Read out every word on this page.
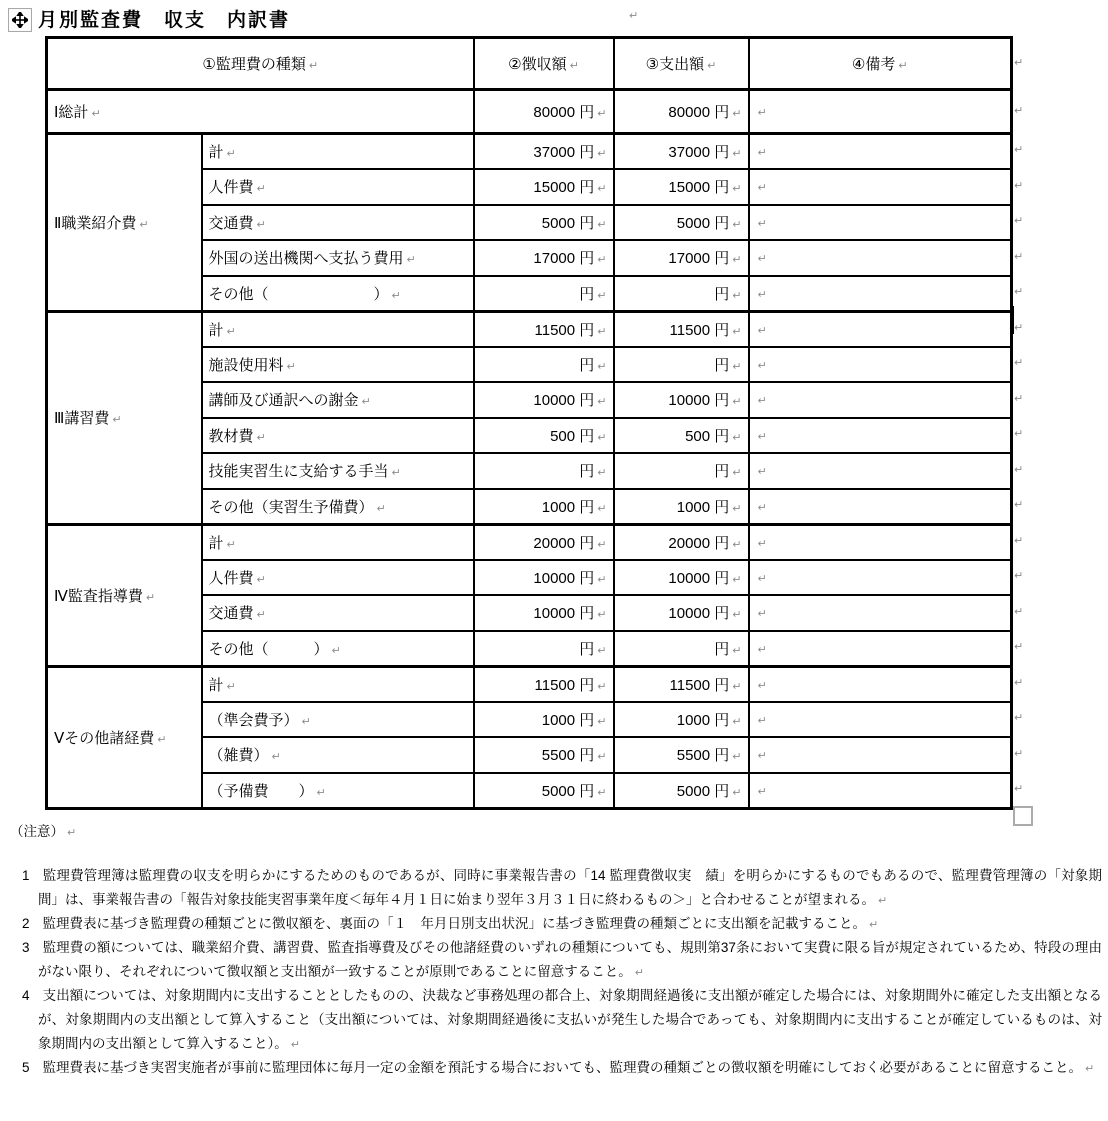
月別監査費　収支　内訳書	↵
①監理費の種類 ↵		②徴収額 ↵	③支出額 ↵	④備考 ↵
Ⅰ総計 ↵		80000 円 ↵	80000 円 ↵	↵
Ⅱ職業紹介費 ↵	計 ↵	37000 円 ↵	37000 円 ↵	↵
	人件費 ↵	15000 円 ↵	15000 円 ↵	↵
	交通費 ↵	5000 円 ↵	5000 円 ↵	↵
	外国の送出機関へ支払う費用 ↵	17000 円 ↵	17000 円 ↵	↵
	その他（　　　　　　　） ↵	円 ↵	円 ↵	↵
Ⅲ講習費 ↵	計 ↵	11500 円 ↵	11500 円 ↵	↵
	施設使用料 ↵	円 ↵	円 ↵	↵
	講師及び通訳への謝金 ↵	10000 円 ↵	10000 円 ↵	↵
	教材費 ↵	500 円 ↵	500 円 ↵	↵
	技能実習生に支給する手当 ↵	円 ↵	円 ↵	↵
	その他（実習生予備費） ↵	1000 円 ↵	1000 円 ↵	↵
Ⅳ監査指導費 ↵	計 ↵	20000 円 ↵	20000 円 ↵	↵
	人件費 ↵	10000 円 ↵	10000 円 ↵	↵
	交通費 ↵	10000 円 ↵	10000 円 ↵	↵
	その他（　　　） ↵	円 ↵	円 ↵	↵
Ⅴその他諸経費 ↵	計 ↵	11500 円 ↵	11500 円 ↵	↵
	（準会費予） ↵	1000 円 ↵	1000 円 ↵	↵
	（雑費） ↵	5500 円 ↵	5500 円 ↵	↵
	（予備費　　） ↵	5000 円 ↵	5000 円 ↵	↵
↵
↵
↵
↵
↵
↵
↵
↵
↵
↵
↵
↵
↵
↵
↵
↵
↵
↵
↵
↵
↵

（注意） ↵

1 監理費管理簿は監理費の収支を明らかにするためのものであるが、同時に事業報告書の「14 監理費徴収実　績」を明らかにするものでもあるので、監理費管理簿の「対象期間」は、事業報告書の「報告対象技能実習事業年度＜毎年４月１日に始まり翌年３月３１日に終わるもの＞」と合わせることが望まれる。 ↵

2 監理費表に基づき監理費の種類ごとに徴収額を、裏面の「１　年月日別支出状況」に基づき監理費の種類ごとに支出額を記載すること。 ↵

3 監理費の額については、職業紹介費、講習費、監査指導費及びその他諸経費のいずれの種類についても、規則第37条において実費に限る旨が規定されているため、特段の理由がない限り、それぞれについて徴収額と支出額が一致することが原則であることに留意すること。 ↵

4 支出額については、対象期間内に支出することとしたものの、決裁など事務処理の都合上、対象期間経過後に支出額が確定した場合には、対象期間外に確定した支出額となるが、対象期間内の支出額として算入すること（支出額については、対象期間経過後に支払いが発生した場合であっても、対象期間内に支出することが確定しているものは、対象期間内の支出額として算入すること）。 ↵

5 監理費表に基づき実習実施者が事前に監理団体に毎月一定の金額を預託する場合においても、監理費の種類ごとの徴収額を明確にしておく必要があることに留意すること。 ↵
